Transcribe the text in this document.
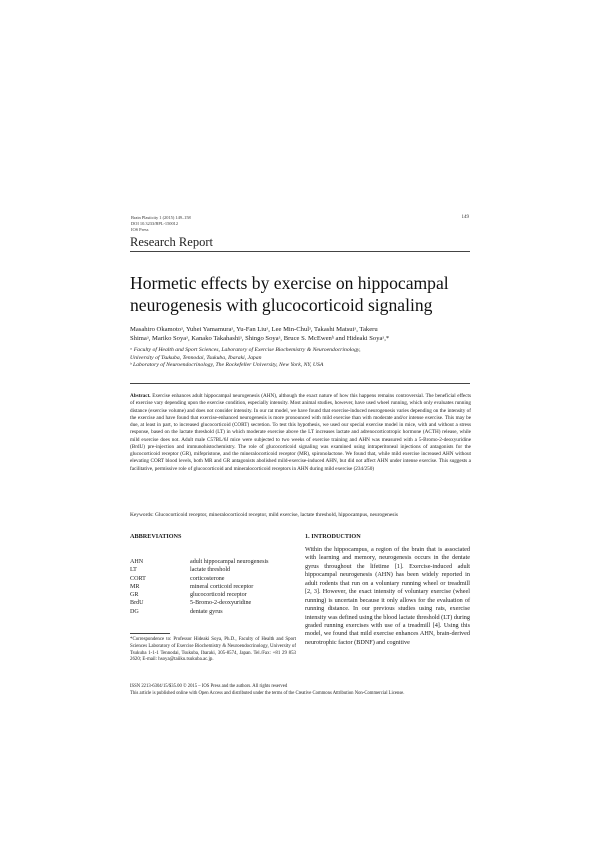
Brain Plasticity 1 (2015) 149–158
DOI 10.3233/BPL-150012
IOS Press
149
Research Report
Hormetic effects by exercise on hippocampal neurogenesis with glucocorticoid signaling
Masahiro Okamotoᵃ, Yuhei Yamamuraᵃ, Yu-Fan Liuᵃ, Lee Min-Chulᵃ, Takashi Matsuiᵃ, Takeru
Shimaᵃ, Mariko Soyaᵃ, Kanako Takahashiᵃ, Shingo Soyaᵃ, Bruce S. McEwenᵇ and Hideaki Soyaᵃ,*
ᵃ Faculty of Health and Sport Sciences, Laboratory of Exercise Biochemistry & Neuroendocrinology,
University of Tsukuba, Tennodai, Tsukuba, Ibaraki, Japan
ᵇ Laboratory of Neuroendocrinology, The Rockefeller University, New York, NY, USA
Abstract. Exercise enhances adult hippocampal neurogenesis (AHN), although the exact nature of how this happens remains controversial. The beneficial effects of exercise vary depending upon the exercise condition, especially intensity. Most animal studies, however, have used wheel running, which only evaluates running distance (exercise volume) and does not consider intensity. In our rat model, we have found that exercise-induced neurogenesis varies depending on the intensity of the exercise and have found that exercise-enhanced neurogenesis is more pronounced with mild exercise than with moderate and/or intense exercise. This may be due, at least in part, to increased glucocorticoid (CORT) secretion. To test this hypothesis, we used our special exercise model in mice, with and without a stress response, based on the lactate threshold (LT) in which moderate exercise above the LT increases lactate and adrenocorticotropic hormone (ACTH) release, while mild exercise does not. Adult male C57BL/6J mice were subjected to two weeks of exercise training and AHN was measured with a 5-Bromo-2-deoxyuridine (BrdU) pre-injection and immunohistochemistry. The role of glucocorticoid signaling was examined using intraperitoneal injections of antagonists for the glucocorticoid receptor (GR), mifepristone, and the mineralocorticoid receptor (MR), spironolactone. We found that, while mild exercise increased AHN without elevating CORT blood levels, both MR and GR antagonists abolished mild-exercise-induced AHN, but did not affect AHN under intense exercise. This suggests a facilitative, permissive role of glucocorticoid and mineralocorticoid receptors in AHN during mild exercise (234/250)
Keywords: Glucocorticoid receptor, mineralocorticoid receptor, mild exercise, lactate threshold, hippocampus, neurogenesis
ABBREVIATIONS
AHN	adult hippocampal neurogenesis
LT	lactate threshold
CORT	corticosterone
MR	mineral corticoid receptor
GR	glucocorticoid receptor
BrdU	5-Bromo-2-deoxyuridine
DG	dentate gyrus
1. INTRODUCTION
Within the hippocampus, a region of the brain that is associated with learning and memory, neurogenesis occurs in the dentate gyrus throughout the lifetime [1]. Exercise-induced adult hippocampal neurogenesis (AHN) has been widely reported in adult rodents that run on a voluntary running wheel or treadmill [2, 3]. However, the exact intensity of voluntary exercise (wheel running) is uncertain because it only allows for the evaluation of running distance. In our previous studies using rats, exercise intensity was defined using the blood lactate threshold (LT) during graded running exercises with use of a treadmill [4]. Using this model, we found that mild exercise enhances AHN, brain-derived neurotrophic factor (BDNF) and cognitive
*Correspondence to: Professor Hideaki Soya, Ph.D., Faculty of Health and Sport Sciences Laboratory of Exercise Biochemistry & Neuroendocrinology, University of Tsukuba 1-1-1 Tennodai, Tsukuba, Ibaraki, 305-8574, Japan. Tel./Fax: +81 29 853 2620; E-mail: hsoya@taiiku.tsukuba.ac.jp.
ISSN 2213-6304/15/$35.00 © 2015 – IOS Press and the authors. All rights reserved
This article is published online with Open Access and distributed under the terms of the Creative Commons Attribution Non-Commercial License.
